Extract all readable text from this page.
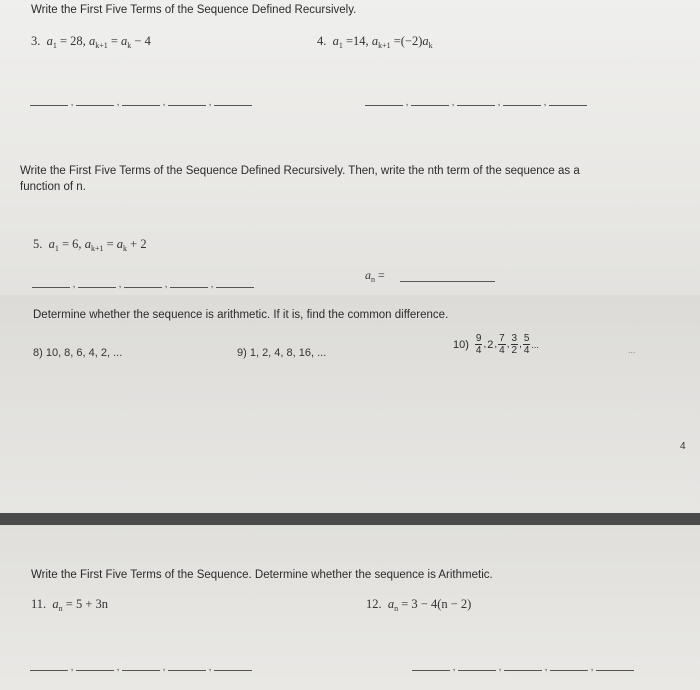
Write the First Five Terms of the Sequence Defined Recursively.
3. $a_1 = 28$, $a_{k+1} = a_k - 4$	4. $a_1 =14$, $a_{k+1} =(-2)a_k$
,	,	,	,	,	,	,	,
Write the First Five Terms of the Sequence Defined Recursively. Then, write the nth term of the sequence as a
function of n.
5. $a_1 = 6$, $a_{k+1} = a_k + 2$
,	,	,	,
$a_n$ =
Determine whether the sequence is arithmetic. If it is, find the common difference.
8) 10, 8, 6, 4, 2, ...	9) 1, 2, 4, 8, 16, ...
$10) \frac{9}{4}$ , 2 , $\frac{7}{4}$ , $\frac{3}{2}$ , $\frac{5}{4}$ ...
...
4
Write the First Five Terms of the Sequence. Determine whether the sequence is Arithmetic.
11. $a_n = 5 + 3n$	12. $a_n = 3 - 4(n - 2)$
,	,	,	,	,	,	,	,
